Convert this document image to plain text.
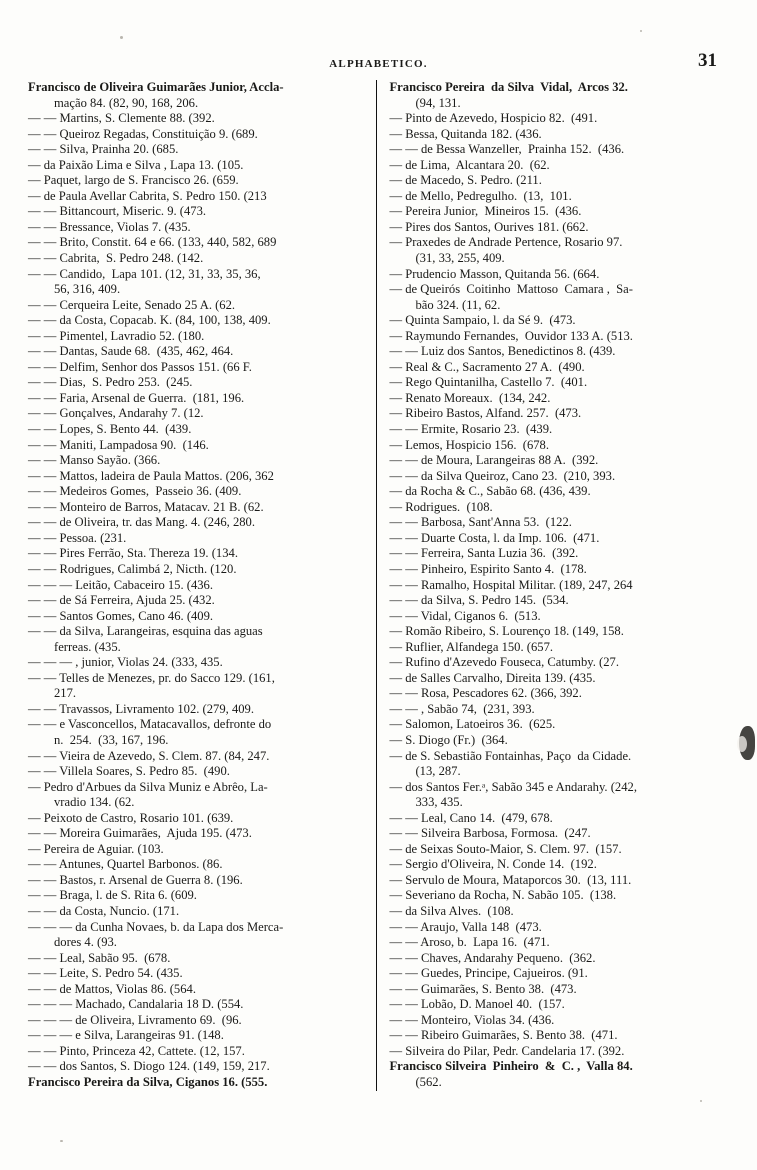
ALPHABETICO.	31

Francisco de Oliveira Guimarães Junior, Accla-

mação 84. (82, 90, 168, 206.

— — Martins, S. Clemente 88. (392.

— — Queiroz Regadas, Constituição 9. (689.

— — Silva, Prainha 20. (685.

— da Paixão Lima e Silva , Lapa 13. (105.

— Paquet, largo de S. Francisco 26. (659.

— de Paula Avellar Cabrita, S. Pedro 150. (213

— — Bittancourt, Miseric. 9. (473.

— — Bressance, Violas 7. (435.

— — Brito, Constit. 64 e 66. (133, 440, 582, 689

— — Cabrita,  S. Pedro 248. (142.

— — Candido,  Lapa 101. (12, 31, 33, 35, 36,

56, 316, 409.

— — Cerqueira Leite, Senado 25 A. (62.

— — da Costa, Copacab. K. (84, 100, 138, 409.

— — Pimentel, Lavradio 52. (180.

— — Dantas, Saude 68.  (435, 462, 464.

— — Delfim, Senhor dos Passos 151. (66 F.

— — Dias,  S. Pedro 253.  (245.

— — Faria, Arsenal de Guerra.  (181, 196.

— — Gonçalves, Andarahy 7. (12.

— — Lopes, S. Bento 44.  (439.

— — Maniti, Lampadosa 90.  (146.

— — Manso Sayão. (366.

— — Mattos, ladeira de Paula Mattos. (206, 362

— — Medeiros Gomes,  Passeio 36. (409.

— — Monteiro de Barros, Matacav. 21 B. (62.

— — de Oliveira, tr. das Mang. 4. (246, 280.

— — Pessoa. (231.

— — Pires Ferrão, Sta. Thereza 19. (134.

— — Rodrigues, Calimbá 2, Nicth. (120.

— — — Leitão, Cabaceiro 15. (436.

— — de Sá Ferreira, Ajuda 25. (432.

— — Santos Gomes, Cano 46. (409.

— — da Silva, Larangeiras, esquina das aguas

ferreas. (435.

— — — , junior, Violas 24. (333, 435.

— — Telles de Menezes, pr. do Sacco 129. (161,

217.

— — Travassos, Livramento 102. (279, 409.

— — e Vasconcellos, Matacavallos, defronte do

n.  254.  (33, 167, 196.

— — Vieira de Azevedo, S. Clem. 87. (84, 247.

— — Villela Soares, S. Pedro 85.  (490.

— Pedro d'Arbues da Silva Muniz e Abrêo, La-

vradio 134. (62.

— Peixoto de Castro, Rosario 101. (639.

— — Moreira Guimarães,  Ajuda 195. (473.

— Pereira de Aguiar. (103.

— — Antunes, Quartel Barbonos. (86.

— — Bastos, r. Arsenal de Guerra 8. (196.

— — Braga, l. de S. Rita 6. (609.

— — da Costa, Nuncio. (171.

— — — da Cunha Novaes, b. da Lapa dos Merca-

dores 4. (93.

— — Leal, Sabão 95.  (678.

— — Leite, S. Pedro 54. (435.

— — de Mattos, Violas 86. (564.

— — — Machado, Candalaria 18 D. (554.

— — — de Oliveira, Livramento 69.  (96.

— — — e Silva, Larangeiras 91. (148.

— — Pinto, Princeza 42, Cattete. (12, 157.

— — dos Santos, S. Diogo 124. (149, 159, 217.

Francisco Pereira da Silva, Ciganos 16. (555.

Francisco Pereira  da Silva  Vidal,  Arcos 32.

(94, 131.

— Pinto de Azevedo, Hospicio 82.  (491.

— Bessa, Quitanda 182. (436.

— — de Bessa Wanzeller,  Prainha 152.  (436.

— de Lima,  Alcantara 20.  (62.

— de Macedo, S. Pedro. (211.

— de Mello, Pedregulho.  (13,  101.

— Pereira Junior,  Mineiros 15.  (436.

— Pires dos Santos, Ourives 181. (662.

— Praxedes de Andrade Pertence, Rosario 97.

(31, 33, 255, 409.

— Prudencio Masson, Quitanda 56. (664.

— de Queirós  Coitinho  Mattoso  Camara ,  Sa-

bão 324. (11, 62.

— Quinta Sampaio, l. da Sé 9.  (473.

— Raymundo Fernandes,  Ouvidor 133 A. (513.

— — Luiz dos Santos, Benedictinos 8. (439.

— Real & C., Sacramento 27 A.  (490.

— Rego Quintanilha, Castello 7.  (401.

— Renato Moreaux.  (134, 242.

— Ribeiro Bastos, Alfand. 257.  (473.

— — Ermite, Rosario 23.  (439.

— Lemos, Hospicio 156.  (678.

— — de Moura, Larangeiras 88 A.  (392.

— — da Silva Queiroz, Cano 23.  (210, 393.

— da Rocha & C., Sabão 68. (436, 439.

— Rodrigues.  (108.

— — Barbosa, Sant'Anna 53.  (122.

— — Duarte Costa, l. da Imp. 106.  (471.

— — Ferreira, Santa Luzia 36.  (392.

— — Pinheiro, Espirito Santo 4.  (178.

— — Ramalho, Hospital Militar. (189, 247, 264

— — da Silva, S. Pedro 145.  (534.

— — Vidal, Ciganos 6.  (513.

— Romão Ribeiro, S. Lourenço 18. (149, 158.

— Ruflier, Alfandega 150. (657.

— Rufino d'Azevedo Fouseca, Catumby. (27.

— de Salles Carvalho, Direita 139. (435.

— — Rosa, Pescadores 62. (366, 392.

— — , Sabão 74,  (231, 393.

— Salomon, Latoeiros 36.  (625.

— S. Diogo (Fr.)  (364.

— de S. Sebastião Fontainhas, Paço  da Cidade.

(13, 287.

— dos Santos Fer.ᵃ, Sabão 345 e Andarahy. (242,

333, 435.

— — Leal, Cano 14.  (479, 678.

— — Silveira Barbosa, Formosa.  (247.

— de Seixas Souto-Maior, S. Clem. 97.  (157.

— Sergio d'Oliveira, N. Conde 14.  (192.

— Servulo de Moura, Mataporcos 30.  (13, 111.

— Severiano da Rocha, N. Sabão 105.  (138.

— da Silva Alves.  (108.

— — Araujo, Valla 148  (473.

— — Aroso, b.  Lapa 16.  (471.

— — Chaves, Andarahy Pequeno.  (362.

— — Guedes, Principe, Cajueiros. (91.

— — Guimarães, S. Bento 38.  (473.

— — Lobão, D. Manoel 40.  (157.

— — Monteiro, Violas 34. (436.

— — Ribeiro Guimarães, S. Bento 38.  (471.

— Silveira do Pilar, Pedr. Candelaria 17. (392.

Francisco Silveira  Pinheiro  &  C. ,  Valla 84.

(562.
